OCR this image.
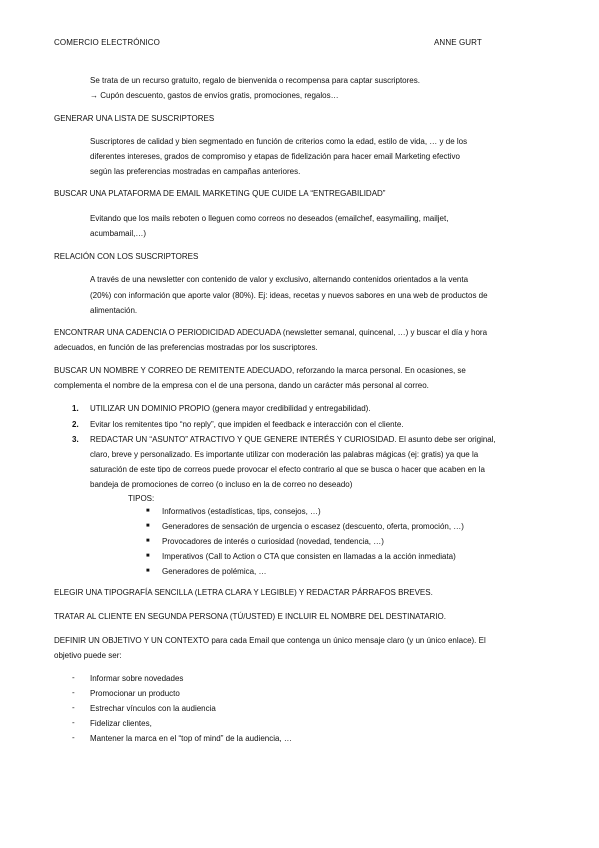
COMERCIO ELECTRÓNICO	ANNE GURT
Se trata de un recurso gratuito, regalo de bienvenida o recompensa para captar suscriptores.
→ Cupón descuento, gastos de envíos gratis, promociones, regalos…
GENERAR UNA LISTA DE SUSCRIPTORES
Suscriptores de calidad y bien segmentado en función de criterios como la edad, estilo de vida, … y de los
diferentes intereses, grados de compromiso y etapas de fidelización para hacer email Marketing efectivo
según las preferencias mostradas en campañas anteriores.
BUSCAR UNA PLATAFORMA DE EMAIL MARKETING QUE CUIDE LA “ENTREGABILIDAD”
Evitando que los mails reboten o lleguen como correos no deseados (emailchef, easymailing, mailjet,
acumbamail,…)
RELACIÓN CON LOS SUSCRIPTORES
A través de una newsletter con contenido de valor y exclusivo, alternando contenidos orientados a la venta
(20%) con información que aporte valor (80%). Ej: ideas, recetas y nuevos sabores en una web de productos de
alimentación.
ENCONTRAR UNA CADENCIA O PERIODICIDAD ADECUADA (newsletter semanal, quincenal, …) y buscar el día y hora
adecuados, en función de las preferencias mostradas por los suscriptores.
BUSCAR UN NOMBRE Y CORREO DE REMITENTE ADECUADO, reforzando la marca personal. En ocasiones, se
complementa el nombre de la empresa con el de una persona, dando un carácter más personal al correo.
1. UTILIZAR UN DOMINIO PROPIO (genera mayor credibilidad y entregabilidad).
2. Evitar los remitentes tipo “no reply”, que impiden el feedback e interacción con el cliente.
3. REDACTAR UN “ASUNTO” ATRACTIVO Y QUE GENERE INTERÉS Y CURIOSIDAD. El asunto debe ser original,
claro, breve y personalizado. Es importante utilizar con moderación las palabras mágicas (ej: gratis) ya que la
saturación de este tipo de correos puede provocar el efecto contrario al que se busca o hacer que acaben en la
bandeja de promociones de correo (o incluso en la de correo no deseado)
TIPOS:
■ Informativos (estadísticas, tips, consejos, …)
■ Generadores de sensación de urgencia o escasez (descuento, oferta, promoción, …)
■ Provocadores de interés o curiosidad (novedad, tendencia, …)
■ Imperativos (Call to Action o CTA que consisten en llamadas a la acción inmediata)
■ Generadores de polémica, …
ELEGIR UNA TIPOGRAFÍA SENCILLA (LETRA CLARA Y LEGIBLE) Y REDACTAR PÁRRAFOS BREVES.
TRATAR AL CLIENTE EN SEGUNDA PERSONA (TÚ/USTED) E INCLUIR EL NOMBRE DEL DESTINATARIO.
DEFINIR UN OBJETIVO Y UN CONTEXTO para cada Email que contenga un único mensaje claro (y un único enlace). El
objetivo puede ser:
- Informar sobre novedades
- Promocionar un producto
- Estrechar vínculos con la audiencia
- Fidelizar clientes,
- Mantener la marca en el “top of mind” de la audiencia, …
